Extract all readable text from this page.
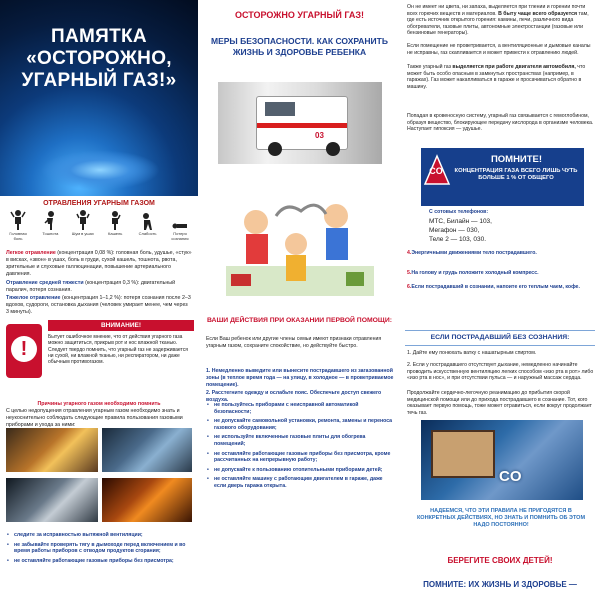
ПАМЯТКА «ОСТОРОЖНО, УГАРНЫЙ ГАЗ!»
ОТРАВЛЕНИЯ УГАРНЫМ ГАЗОМ
Головная боль
Тошнота	Шум в ушах	Кашель	Слабость	Потеря сознания
Легкое отравление (концентрация 0,08 %): головная боль, удушье, «стук» в висках, «звон» в ушах, боль в груди, сухой кашель, тошнота, рвота, зрительные и слуховые галлюцинации, повышение артериального давления.
Отравление средней тяжести (концентрация 0,3 %): двигательный паралич, потеря сознания.
Тяжелое отравление (концентрация 1–1,2 %): потеря сознания после 2–3 вдохов, судороги, остановка дыхания (человек умирает менее, чем через 3 минуты).
!
ВНИМАНИЕ!
Бытует ошибочное мнение, что от действия угарного газа можно защититься, прикрыв рот и нос влажной тканью. Следует твердо помнить, что угарный газ не задерживается ни сухой, ни влажной тканью, ни респиратором, ни даже обычным противогазом.
Причины угарного газом необходимо помнить
С целью недопущения отравления угарным газом необходимо знать и неукоснительно соблюдать следующие правила пользования газовыми приборами и ухода за ними:
• следите за исправностью вытяжной вентиляции;
• не забывайте проверять тягу в дымоходе перед включением и во время работы приборов с отводом продуктов сгорания;
• не оставляйте работающие газовые приборы без присмотра;
ОСТОРОЖНО УГАРНЫЙ ГАЗ!
МЕРЫ БЕЗОПАСНОСТИ. КАК СОХРАНИТЬ ЖИЗНЬ И ЗДОРОВЬЕ РЕБЕНКА
03
ВАШИ ДЕЙСТВИЯ ПРИ ОКАЗАНИИ ПЕРВОЙ ПОМОЩИ:
Если Ваш ребенок или другие члены семьи имеют признаки отравления угарным газом, сохраните спокойствие, но действуйте быстро.
1. Немедленно выведите или вынесите пострадавшего из загазованной зоны (в теплое время года — на улицу, в холодное — в проветриваемое помещение).
2. Расстегните одежду и ослабьте пояс. Обеспечьте доступ свежего воздуха.
• не пользуйтесь приборами с неисправной автоматикой безопасности;
• не допускайте самовольной установки, ремонта, замены и переноса газового оборудования;
• не используйте включенные газовые плиты для обогрева помещений;
• не оставляйте работающие газовые приборы без присмотра, кроме рассчитанных на непрерывную работу;
• не допускайте к пользованию отопительными приборами детей;
• не оставляйте машину с работающим двигателем в гараже, даже если дверь гаража открыта.
Он не имеет ни цвета, ни запаха, выделяется при тлении и горении почти всех горючих веществ и материалов. В быту чаще всего образуется там, где есть источник открытого горения: камины, печи, различного вида обогреватели, газовые плиты, автономные электростанции (газовые или бензиновые генераторы).
Если помещение не проветривается, а вентиляционные и дымовые каналы не исправны, газ скапливается и может привести к отравлению людей.
Также угарный газ выделяется при работе двигателя автомобиля, что может быть особо опасным в замкнутых пространствах (например, в гаражах). Газ может накапливаться в гараже и просачиваться обратно в машину.
Попадая в кровеносную систему, угарный газ связывается с гемоглобином, образуя вещество, блокирующее передачу кислорода в организме человека. Наступает гипоксия — удушье.
CO
ПОМНИТЕ!
КОНЦЕНТРАЦИЯ ГАЗА ВСЕГО ЛИШЬ ЧУТЬ БОЛЬШЕ 1 % ОТ ОБЩЕГО
С сотовых телефонов:
МТС, Билайн — 103,
Мегафон — 030,
Теле 2 — 103, 030.
4.Энергичными движениями тело пострадавшего.
5.На голову и грудь положите холодный компресс.
6.Если пострадавший в сознании, напоите его теплым чаем, кофе.
ЕСЛИ ПОСТРАДАВШИЙ БЕЗ СОЗНАНИЯ:
1. Дайте ему понюхать ватку с нашатырным спиртом.
2. Если у пострадавшего отсутствует дыхание, немедленно начинайте проводить искусственную вентиляцию легких способом «изо рта в рот» либо «изо рта в нос», и при отсутствии пульса — и наружный массаж сердца.
Продолжайте сердечно-легочную реанимацию до прибытия скорой медицинской помощи или до прихода пострадавшего в сознание. Тот, кого оказывает первую помощь, тоже может отравиться, если вокруг продолжает течь газ.
CO
НАДЕЕМСЯ, ЧТО ЭТИ ПРАВИЛА НЕ ПРИГОДЯТСЯ В КОНКРЕТНЫХ ДЕЙСТВИЯХ, НО ЗНАТЬ И ПОМНИТЬ ОБ ЭТОМ НАДО ПОСТОЯННО!
БЕРЕГИТЕ СВОИХ ДЕТЕЙ!
ПОМНИТЕ: ИХ ЖИЗНЬ И ЗДОРОВЬЕ —
